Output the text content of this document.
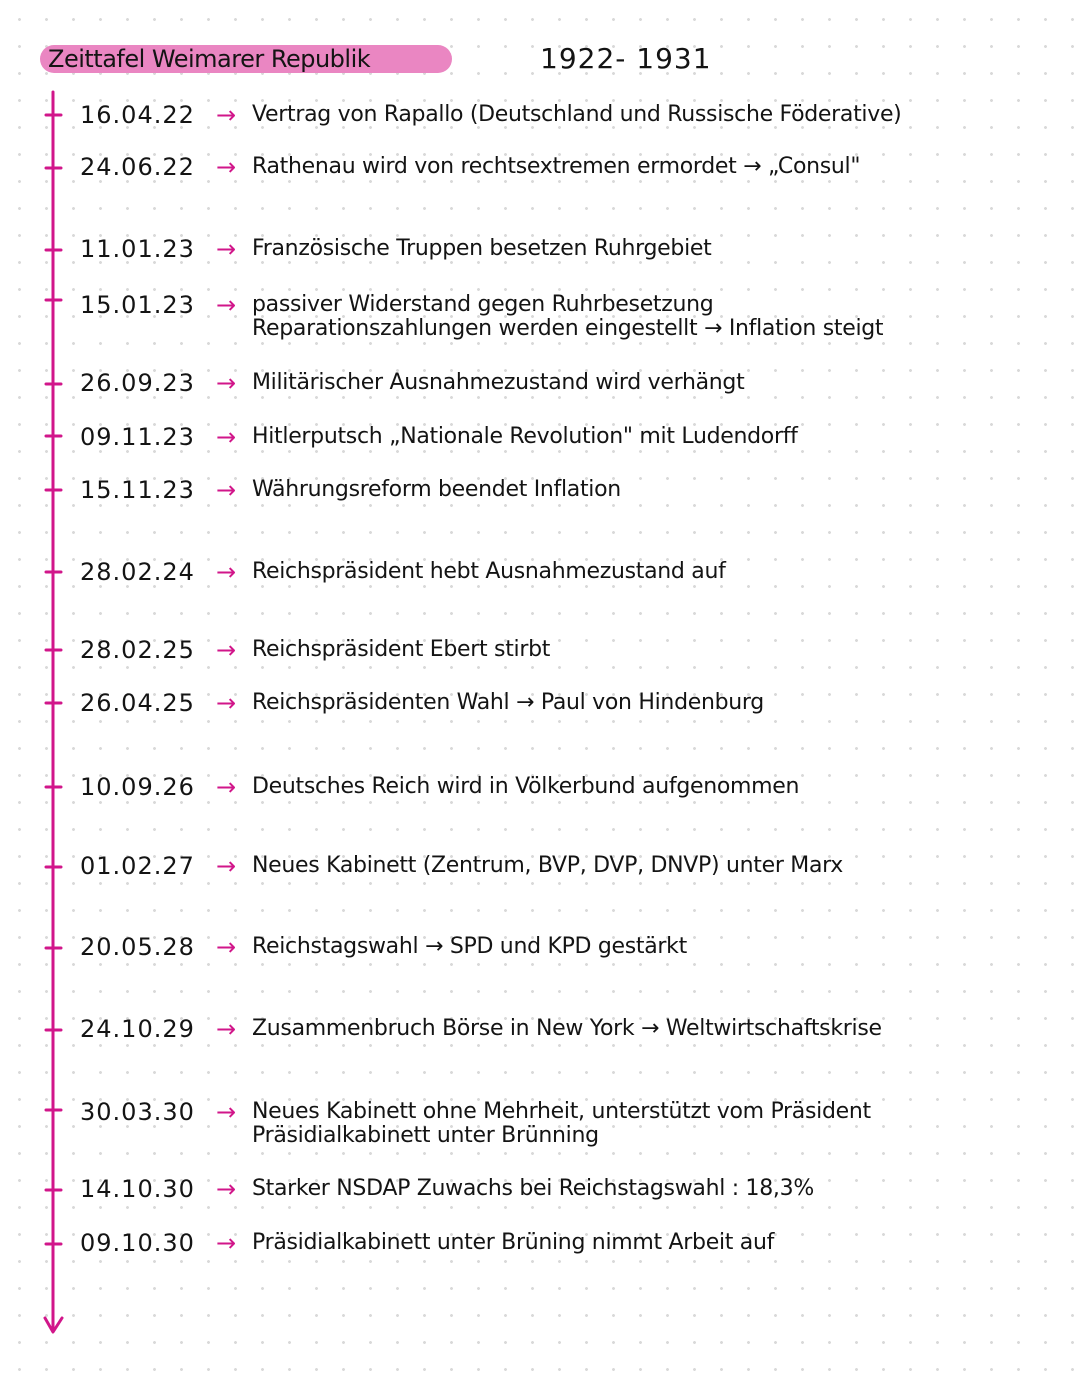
Zeittafel Weimarer Republik	1922- 1931
16.04.22 → Vertrag von Rapallo (Deutschland und Russische Föderative)
24.06.22 → Rathenau wird von rechtsextremen ermordet → „Consul"
11.01.23 → Französische Truppen besetzen Ruhrgebiet
15.01.23 → passiver Widerstand gegen Ruhrbesetzung
Reparationszahlungen werden eingestellt → Inflation steigt
26.09.23 → Militärischer Ausnahmezustand wird verhängt
09.11.23 → Hitlerputsch „Nationale Revolution" mit Ludendorff
15.11.23 → Währungsreform beendet Inflation
28.02.24 → Reichspräsident hebt Ausnahmezustand auf
28.02.25 → Reichspräsident Ebert stirbt
26.04.25 → Reichspräsidenten Wahl → Paul von Hindenburg
10.09.26 → Deutsches Reich wird in Völkerbund aufgenommen
01.02.27 → Neues Kabinett (Zentrum, BVP, DVP, DNVP) unter Marx
20.05.28 → Reichstagswahl → SPD und KPD gestärkt
24.10.29 → Zusammenbruch Börse in New York → Weltwirtschaftskrise
30.03.30 → Neues Kabinett ohne Mehrheit, unterstützt vom Präsident
Präsidialkabinett unter Brünning
14.10.30 → Starker NSDAP Zuwachs bei Reichstagswahl : 18,3%
09.10.30 → Präsidialkabinett unter Brüning nimmt Arbeit auf
